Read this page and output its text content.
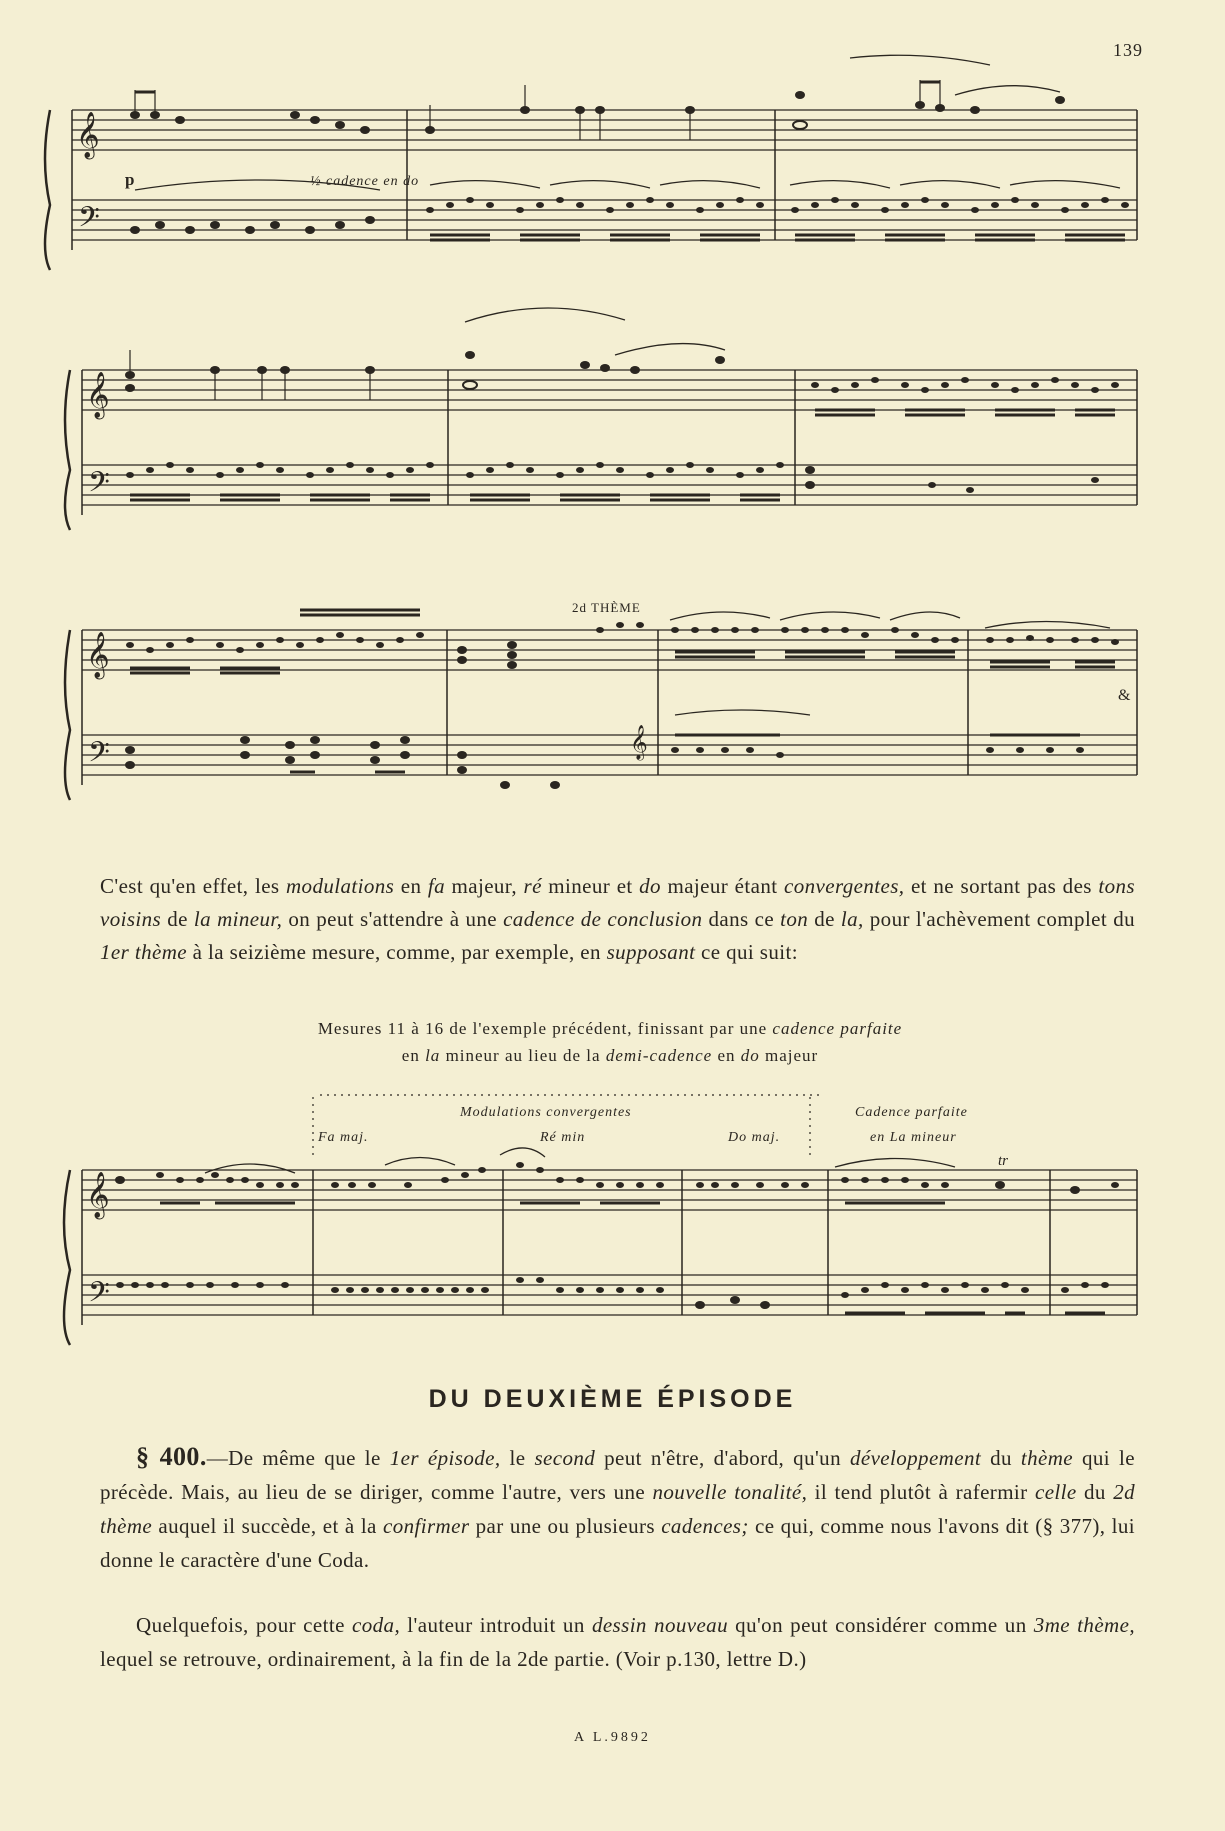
139
𝄞
𝄢
p	½ cadence en do
𝄞
𝄢
𝄞
𝄢	𝄞
2d THÈME
&
C'est qu'en effet, les modulations en fa majeur, ré mineur et do majeur étant convergentes, et ne sortant pas des tons voisins de la mineur, on peut s'attendre à une cadence de conclusion dans ce ton de la, pour l'achèvement complet du 1er thème à la seizième mesure, comme, par exemple, en supposant ce qui suit:
Mesures 11 à 16 de l'exemple précédent, finissant par une cadence parfaite
en la mineur au lieu de la demi-cadence en do majeur
Modulations convergentes
Fa maj.	Ré min	Do maj.
Cadence parfaite
en La mineur
𝄞
𝄢
tr
DU DEUXIÈME ÉPISODE
§ 400.—De même que le 1er épisode, le second peut n'être, d'abord, qu'un développement du thème qui le précède. Mais, au lieu de se diriger, comme l'autre, vers une nouvelle tonalité, il tend plutôt à rafermir celle du 2d thème auquel il succède, et à la confirmer par une ou plusieurs cadences; ce qui, comme nous l'avons dit (§ 377), lui donne le caractère d'une Coda.
Quelquefois, pour cette coda, l'auteur introduit un dessin nouveau qu'on peut considérer comme un 3me thème, lequel se retrouve, ordinairement, à la fin de la 2de partie. (Voir p.130, lettre D.)
A L.9892
